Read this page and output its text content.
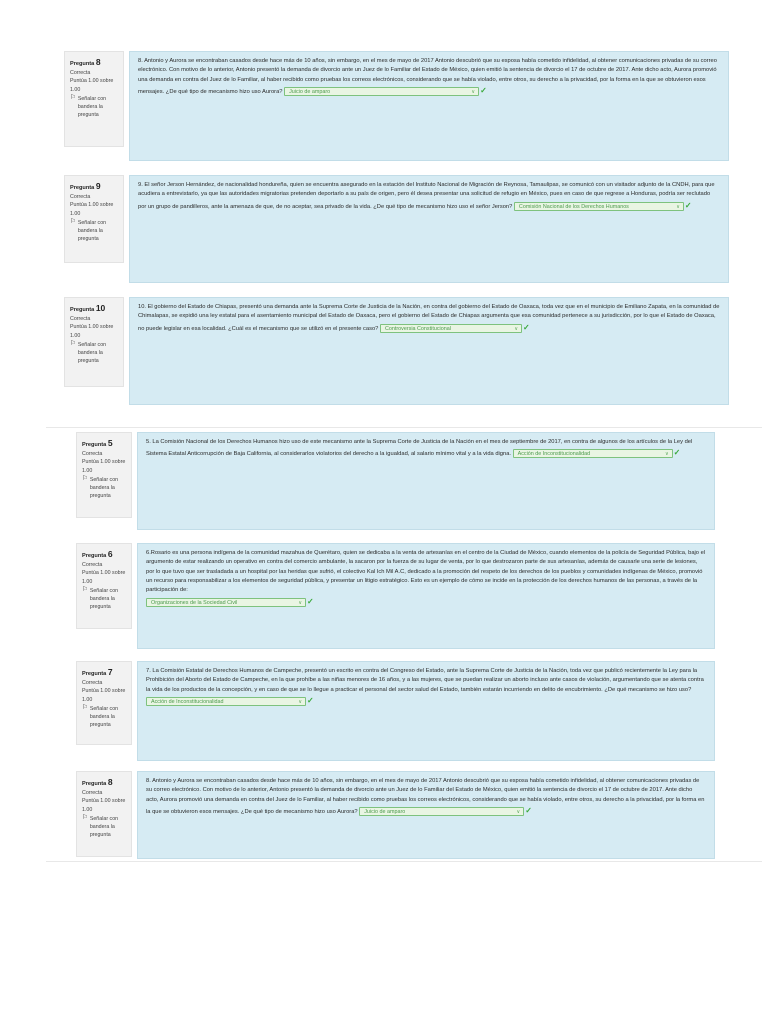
Pregunta 8
Correcta
Puntúa 1.00 sobre 1.00
⚐ Señalar con bandera la pregunta
8. Antonio y Aurora se encontraban casados desde hace más de 10 años, sin embargo, en el mes de mayo de 2017 Antonio descubrió que su esposa había cometido infidelidad, al obtener comunicaciones privadas de su correo electrónico. Con motivo de lo anterior, Antonio presentó la demanda de divorcio ante un Juez de lo Familiar del Estado de México, quien emitió la sentencia de divorcio el 17 de octubre de 2017. Ante dicho acto, Aurora promovió una demanda en contra del Juez de lo Familiar, al haber recibido como pruebas los correos electrónicos, considerando que se había violado, entre otros, su derecho a la privacidad, por la forma en la que se obtuvieron esos mensajes. ¿De qué tipo de mecanismo hizo uso Aurora? Juicio de amparo	∨ ✓
Pregunta 9
Correcta
Puntúa 1.00 sobre 1.00
⚐ Señalar con bandera la pregunta
9. El señor Jerson Hernández, de nacionalidad hondureña, quien se encuentra asegurado en la estación del Instituto Nacional de Migración de Reynosa, Tamaulipas, se comunicó con un visitador adjunto de la CNDH, para que acudiera a entrevistarlo, ya que las autoridades migratorias pretenden deportarlo a su país de origen, pero él desea presentar una solicitud de refugio en México, pues en caso de que regrese a Honduras, podría ser reclutado por un grupo de pandilleros, ante la amenaza de que, de no aceptar, sea privado de la vida. ¿De qué tipo de mecanismo hizo uso el señor Jerson? Comisión Nacional de los Derechos Humanos	∨ ✓
Pregunta 10
Correcta
Puntúa 1.00 sobre 1.00
⚐ Señalar con bandera la pregunta
10. El gobierno del Estado de Chiapas, presentó una demanda ante la Suprema Corte de Justicia de la Nación, en contra del gobierno del Estado de Oaxaca, toda vez que en el municipio de Emiliano Zapata, en la comunidad de Chimalapas, se expidió una ley estatal para el asentamiento municipal del Estado de Oaxaca, pero el gobierno del Estado de Chiapas argumenta que esa comunidad pertenece a su jurisdicción, por lo que el Estado de Oaxaca, no puede legislar en esa localidad. ¿Cuál es el mecanismo que se utilizó en el presente caso? Controversia Constitucional	∨ ✓
Pregunta 5
Correcta
Puntúa 1.00 sobre 1.00
⚐ Señalar con bandera la pregunta
5. La Comisión Nacional de los Derechos Humanos hizo uso de este mecanismo ante la Suprema Corte de Justicia de la Nación en el mes de septiembre de 2017, en contra de algunos de los artículos de la Ley del Sistema Estatal Anticorrupción de Baja California, al considerarlos violatorios del derecho a la igualdad, al salario mínimo vital y a la vida digna. Acción de Inconstitucionalidad	∨ ✓
Pregunta 6
Correcta
Puntúa 1.00 sobre 1.00
⚐ Señalar con bandera la pregunta
6.Rosario es una persona indígena de la comunidad mazahua de Querétaro, quien se dedicaba a la venta de artesanías en el centro de la Ciudad de México, cuando elementos de la policía de Seguridad Pública, bajo el argumento de estar realizando un operativo en contra del comercio ambulante, la sacaron por la fuerza de su lugar de venta, por lo que destrozaron parte de sus artesanías, además de causarle una serie de lesiones, por lo que tuvo que ser trasladada a un hospital por las heridas que sufrió, el colectivo Kal Ich Mil A.C, dedicado a la promoción del respeto de los derechos de los pueblos y comunidades indígenas de México, promovió un recurso para responsabilizar a los elementos de seguridad pública, y presentar un litigio estratégico. Esto es un ejemplo de cómo se incide en la protección de los derechos humanos de las personas, a través de la participación de:
Organizaciones de la Sociedad Civil	∨ ✓
Pregunta 7
Correcta
Puntúa 1.00 sobre 1.00
⚐ Señalar con bandera la pregunta
7. La Comisión Estatal de Derechos Humanos de Campeche, presentó un escrito en contra del Congreso del Estado, ante la Suprema Corte de Justicia de la Nación, toda vez que publicó recientemente la Ley para la Prohibición del Aborto del Estado de Campeche, en la que prohíbe a las niñas menores de 16 años, y a las mujeres, que se puedan realizar un aborto incluso ante casos de violación, argumentando que se atenta contra la vida de los productos de la concepción, y en caso de que se lo llegue a practicar el personal del sector salud del Estado, también estarán incurriendo en delito de encubrimiento. ¿De qué mecanismo se hizo uso?
Acción de Inconstitucionalidad	∨ ✓
Pregunta 8
Correcta
Puntúa 1.00 sobre 1.00
⚐ Señalar con bandera la pregunta
8. Antonio y Aurora se encontraban casados desde hace más de 10 años, sin embargo, en el mes de mayo de 2017 Antonio descubrió que su esposa había cometido infidelidad, al obtener comunicaciones privadas de su correo electrónico. Con motivo de lo anterior, Antonio presentó la demanda de divorcio ante un Juez de lo Familiar del Estado de México, quien emitió la sentencia de divorcio el 17 de octubre de 2017. Ante dicho acto, Aurora promovió una demanda en contra del Juez de lo Familiar, al haber recibido como pruebas los correos electrónicos, considerando que se había violado, entre otros, su derecho a la privacidad, por la forma en la que se obtuvieron esos mensajes. ¿De qué tipo de mecanismo hizo uso Aurora? Juicio de amparo	∨ ✓
